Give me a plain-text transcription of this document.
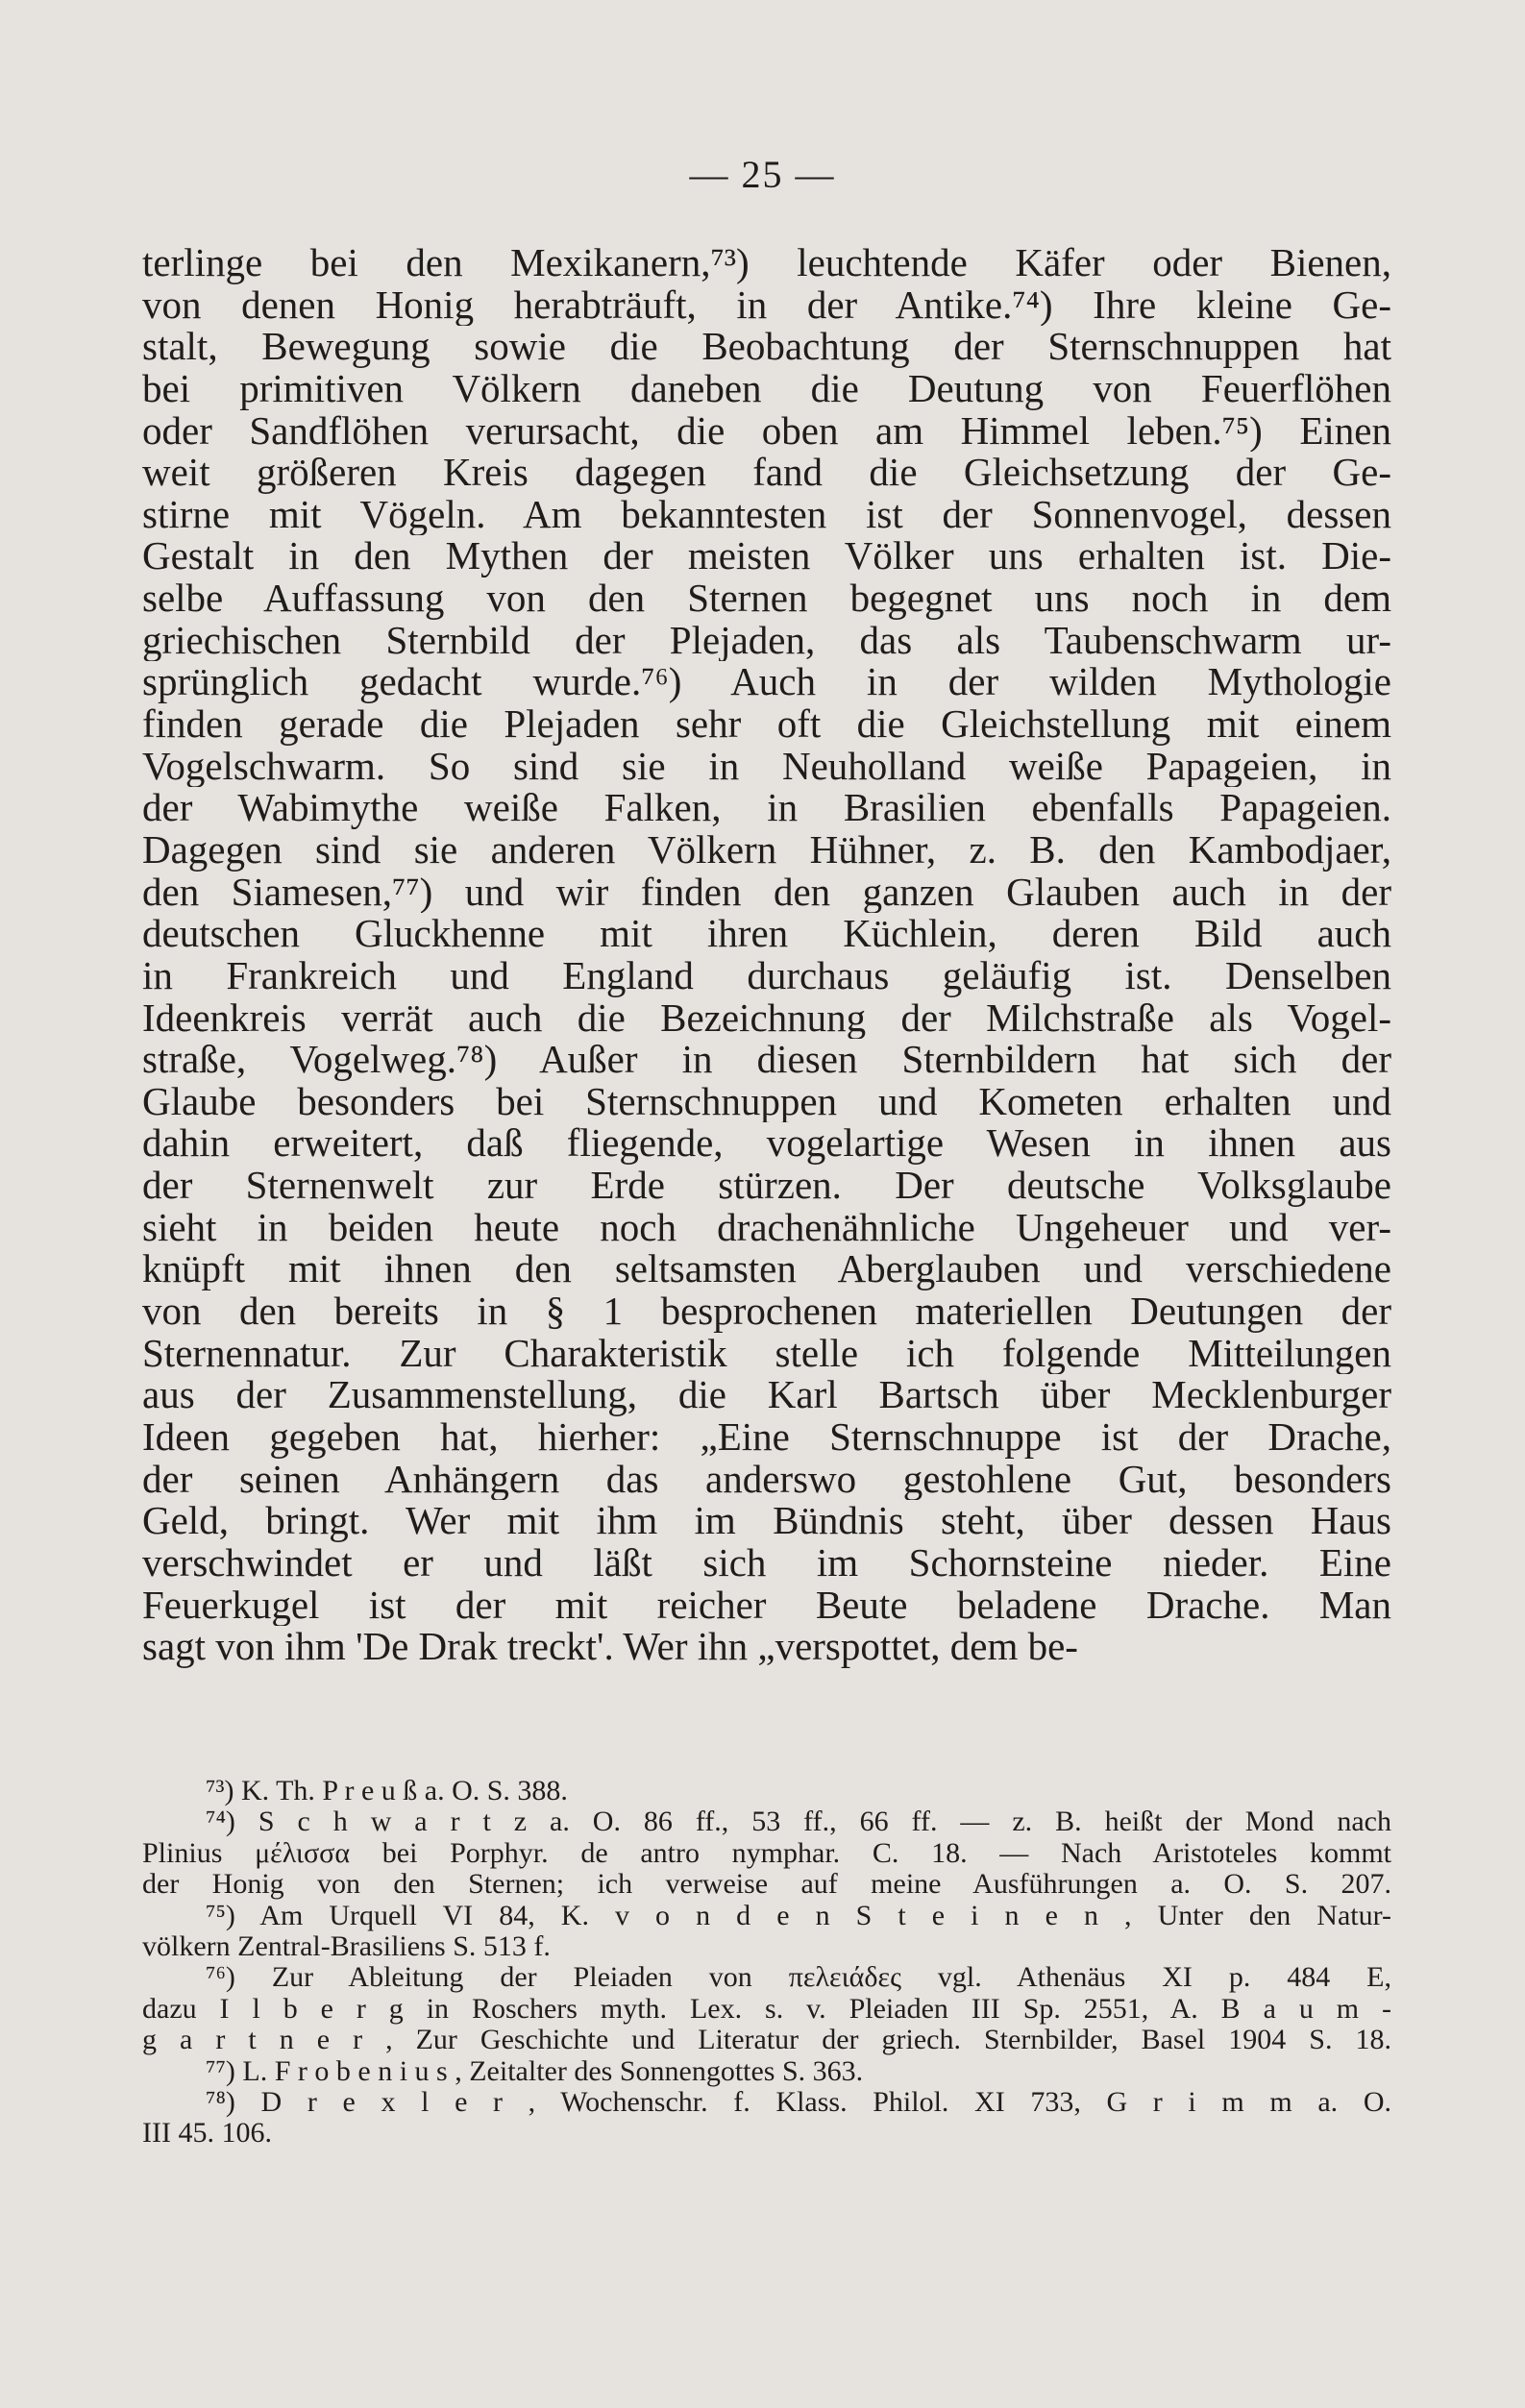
— 25 —
terlinge bei den Mexikanern,⁷³) leuchtende Käfer oder Bienen,
von denen Honig herabträuft, in der Antike.⁷⁴) Ihre kleine Ge-
stalt, Bewegung sowie die Beobachtung der Sternschnuppen hat
bei primitiven Völkern daneben die Deutung von Feuerflöhen
oder Sandflöhen verursacht, die oben am Himmel leben.⁷⁵) Einen
weit größeren Kreis dagegen fand die Gleichsetzung der Ge-
stirne mit Vögeln. Am bekanntesten ist der Sonnenvogel, dessen
Gestalt in den Mythen der meisten Völker uns erhalten ist. Die-
selbe Auffassung von den Sternen begegnet uns noch in dem
griechischen Sternbild der Plejaden, das als Taubenschwarm ur-
sprünglich gedacht wurde.⁷⁶) Auch in der wilden Mythologie
finden gerade die Plejaden sehr oft die Gleichstellung mit einem
Vogelschwarm. So sind sie in Neuholland weiße Papageien, in
der Wabimythe weiße Falken, in Brasilien ebenfalls Papageien.
Dagegen sind sie anderen Völkern Hühner, z. B. den Kambodjaer,
den Siamesen,⁷⁷) und wir finden den ganzen Glauben auch in der
deutschen Gluckhenne mit ihren Küchlein, deren Bild auch
in Frankreich und England durchaus geläufig ist. Denselben
Ideenkreis verrät auch die Bezeichnung der Milchstraße als Vogel-
straße, Vogelweg.⁷⁸) Außer in diesen Sternbildern hat sich der
Glaube besonders bei Sternschnuppen und Kometen erhalten und
dahin erweitert, daß fliegende, vogelartige Wesen in ihnen aus
der Sternenwelt zur Erde stürzen. Der deutsche Volksglaube
sieht in beiden heute noch drachenähnliche Ungeheuer und ver-
knüpft mit ihnen den seltsamsten Aberglauben und verschiedene
von den bereits in § 1 besprochenen materiellen Deutungen der
Sternennatur. Zur Charakteristik stelle ich folgende Mitteilungen
aus der Zusammenstellung, die Karl Bartsch über Mecklenburger
Ideen gegeben hat, hierher: „Eine Sternschnuppe ist der Drache,
der seinen Anhängern das anderswo gestohlene Gut, besonders
Geld, bringt. Wer mit ihm im Bündnis steht, über dessen Haus
verschwindet er und läßt sich im Schornsteine nieder. Eine
Feuerkugel ist der mit reicher Beute beladene Drache. Man
sagt von ihm 'De Drak treckt'. Wer ihn „verspottet, dem be-
⁷³) K. Th. P r e u ß a. O. S. 388.
⁷⁴) S c h w a r t z a. O. 86 ff., 53 ff., 66 ff. — z. B. heißt der Mond nach
Plinius μέλισσα bei Porphyr. de antro nymphar. C. 18. — Nach Aristoteles kommt
der Honig von den Sternen; ich verweise auf meine Ausführungen a. O. S. 207.
⁷⁵) Am Urquell VI 84, K. v o n d e n S t e i n e n , Unter den Natur-
völkern Zentral-Brasiliens S. 513 f.
⁷⁶) Zur Ableitung der Pleiaden von πελειάδες vgl. Athenäus XI p. 484 E,
dazu I l b e r g in Roschers myth. Lex. s. v. Pleiaden III Sp. 2551, A. B a u m -
g a r t n e r , Zur Geschichte und Literatur der griech. Sternbilder, Basel 1904 S. 18.
⁷⁷) L. F r o b e n i u s , Zeitalter des Sonnengottes S. 363.
⁷⁸) D r e x l e r , Wochenschr. f. Klass. Philol. XI 733, G r i m m a. O.
III 45. 106.
